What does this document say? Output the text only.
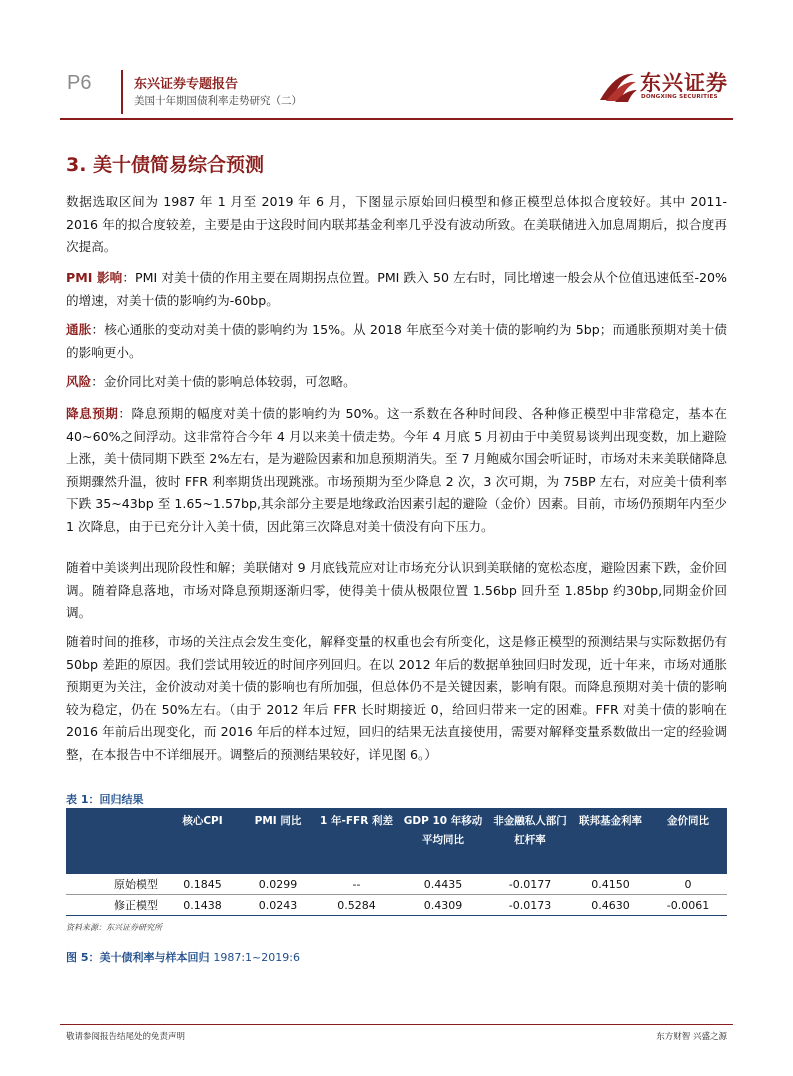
P6	东兴证券专题报告
美国十年期国债利率走势研究（二）
东兴证券
DONGXING SECURITIES
3. 美十债简易综合预测

数据选取区间为 1987 年 1 月至 2019 年 6 月，下图显示原始回归模型和修正模型总体拟合度较好。其中 2011-2016 年的拟合度较差，主要是由于这段时间内联邦基金利率几乎没有波动所致。在美联储进入加息周期后，拟合度再次提高。

PMI 影响：PMI 对美十债的作用主要在周期拐点位置。PMI 跌入 50 左右时，同比增速一般会从个位值迅速低至-20%的增速，对美十债的影响约为-60bp。

通胀：核心通胀的变动对美十债的影响约为 15%。从 2018 年底至今对美十债的影响约为 5bp；而通胀预期对美十债的影响更小。

风险：金价同比对美十债的影响总体较弱，可忽略。

降息预期：降息预期的幅度对美十债的影响约为 50%。这一系数在各种时间段、各种修正模型中非常稳定，基本在 40~60%之间浮动。这非常符合今年 4 月以来美十债走势。今年 4 月底 5 月初由于中美贸易谈判出现变数，加上避险上涨，美十债同期下跌至 2%左右，是为避险因素和加息预期消失。至 7 月鲍威尔国会听证时，市场对未来美联储降息预期骤然升温，彼时 FFR 利率期货出现跳涨。市场预期为至少降息 2 次，3 次可期，为 75BP 左右，对应美十债利率下跌 35~43bp 至 1.65~1.57bp,其余部分主要是地缘政治因素引起的避险（金价）因素。目前，市场仍预期年内至少 1 次降息，由于已充分计入美十债，因此第三次降息对美十债没有向下压力。

随着中美谈判出现阶段性和解；美联储对 9 月底钱荒应对让市场充分认识到美联储的宽松态度，避险因素下跌，金价回调。随着降息落地，市场对降息预期逐渐归零，使得美十债从极限位置 1.56bp 回升至 1.85bp 约30bp,同期金价回调。

随着时间的推移，市场的关注点会发生变化，解释变量的权重也会有所变化，这是修正模型的预测结果与实际数据仍有 50bp 差距的原因。我们尝试用较近的时间序列回归。在以 2012 年后的数据单独回归时发现，近十年来，市场对通胀预期更为关注，金价波动对美十债的影响也有所加强，但总体仍不是关键因素，影响有限。而降息预期对美十债的影响较为稳定，仍在 50%左右。（由于 2012 年后 FFR 长时期接近 0，给回归带来一定的困难。FFR 对美十债的影响在 2016 年前后出现变化，而 2016 年后的样本过短，回归的结果无法直接使用，需要对解释变量系数做出一定的经验调整，在本报告中不详细展开。调整后的预测结果较好，详见图 6。）

表 1：回归结果
	核心CPI	PMI 同比	1 年-FFR 利差	GDP 10 年移动平均同比	非金融私人部门杠杆率	联邦基金利率	金价同比
原始模型	0.1845	0.0299	--	0.4435	-0.0177	0.4150	0
修正模型	0.1438	0.0243	0.5284	0.4309	-0.0173	0.4630	-0.0061
资料来源：东兴证券研究所
图 5：美十债利率与样本回归 1987:1~2019:6
敬请参阅报告结尾处的免责声明	东方财智 兴盛之源
